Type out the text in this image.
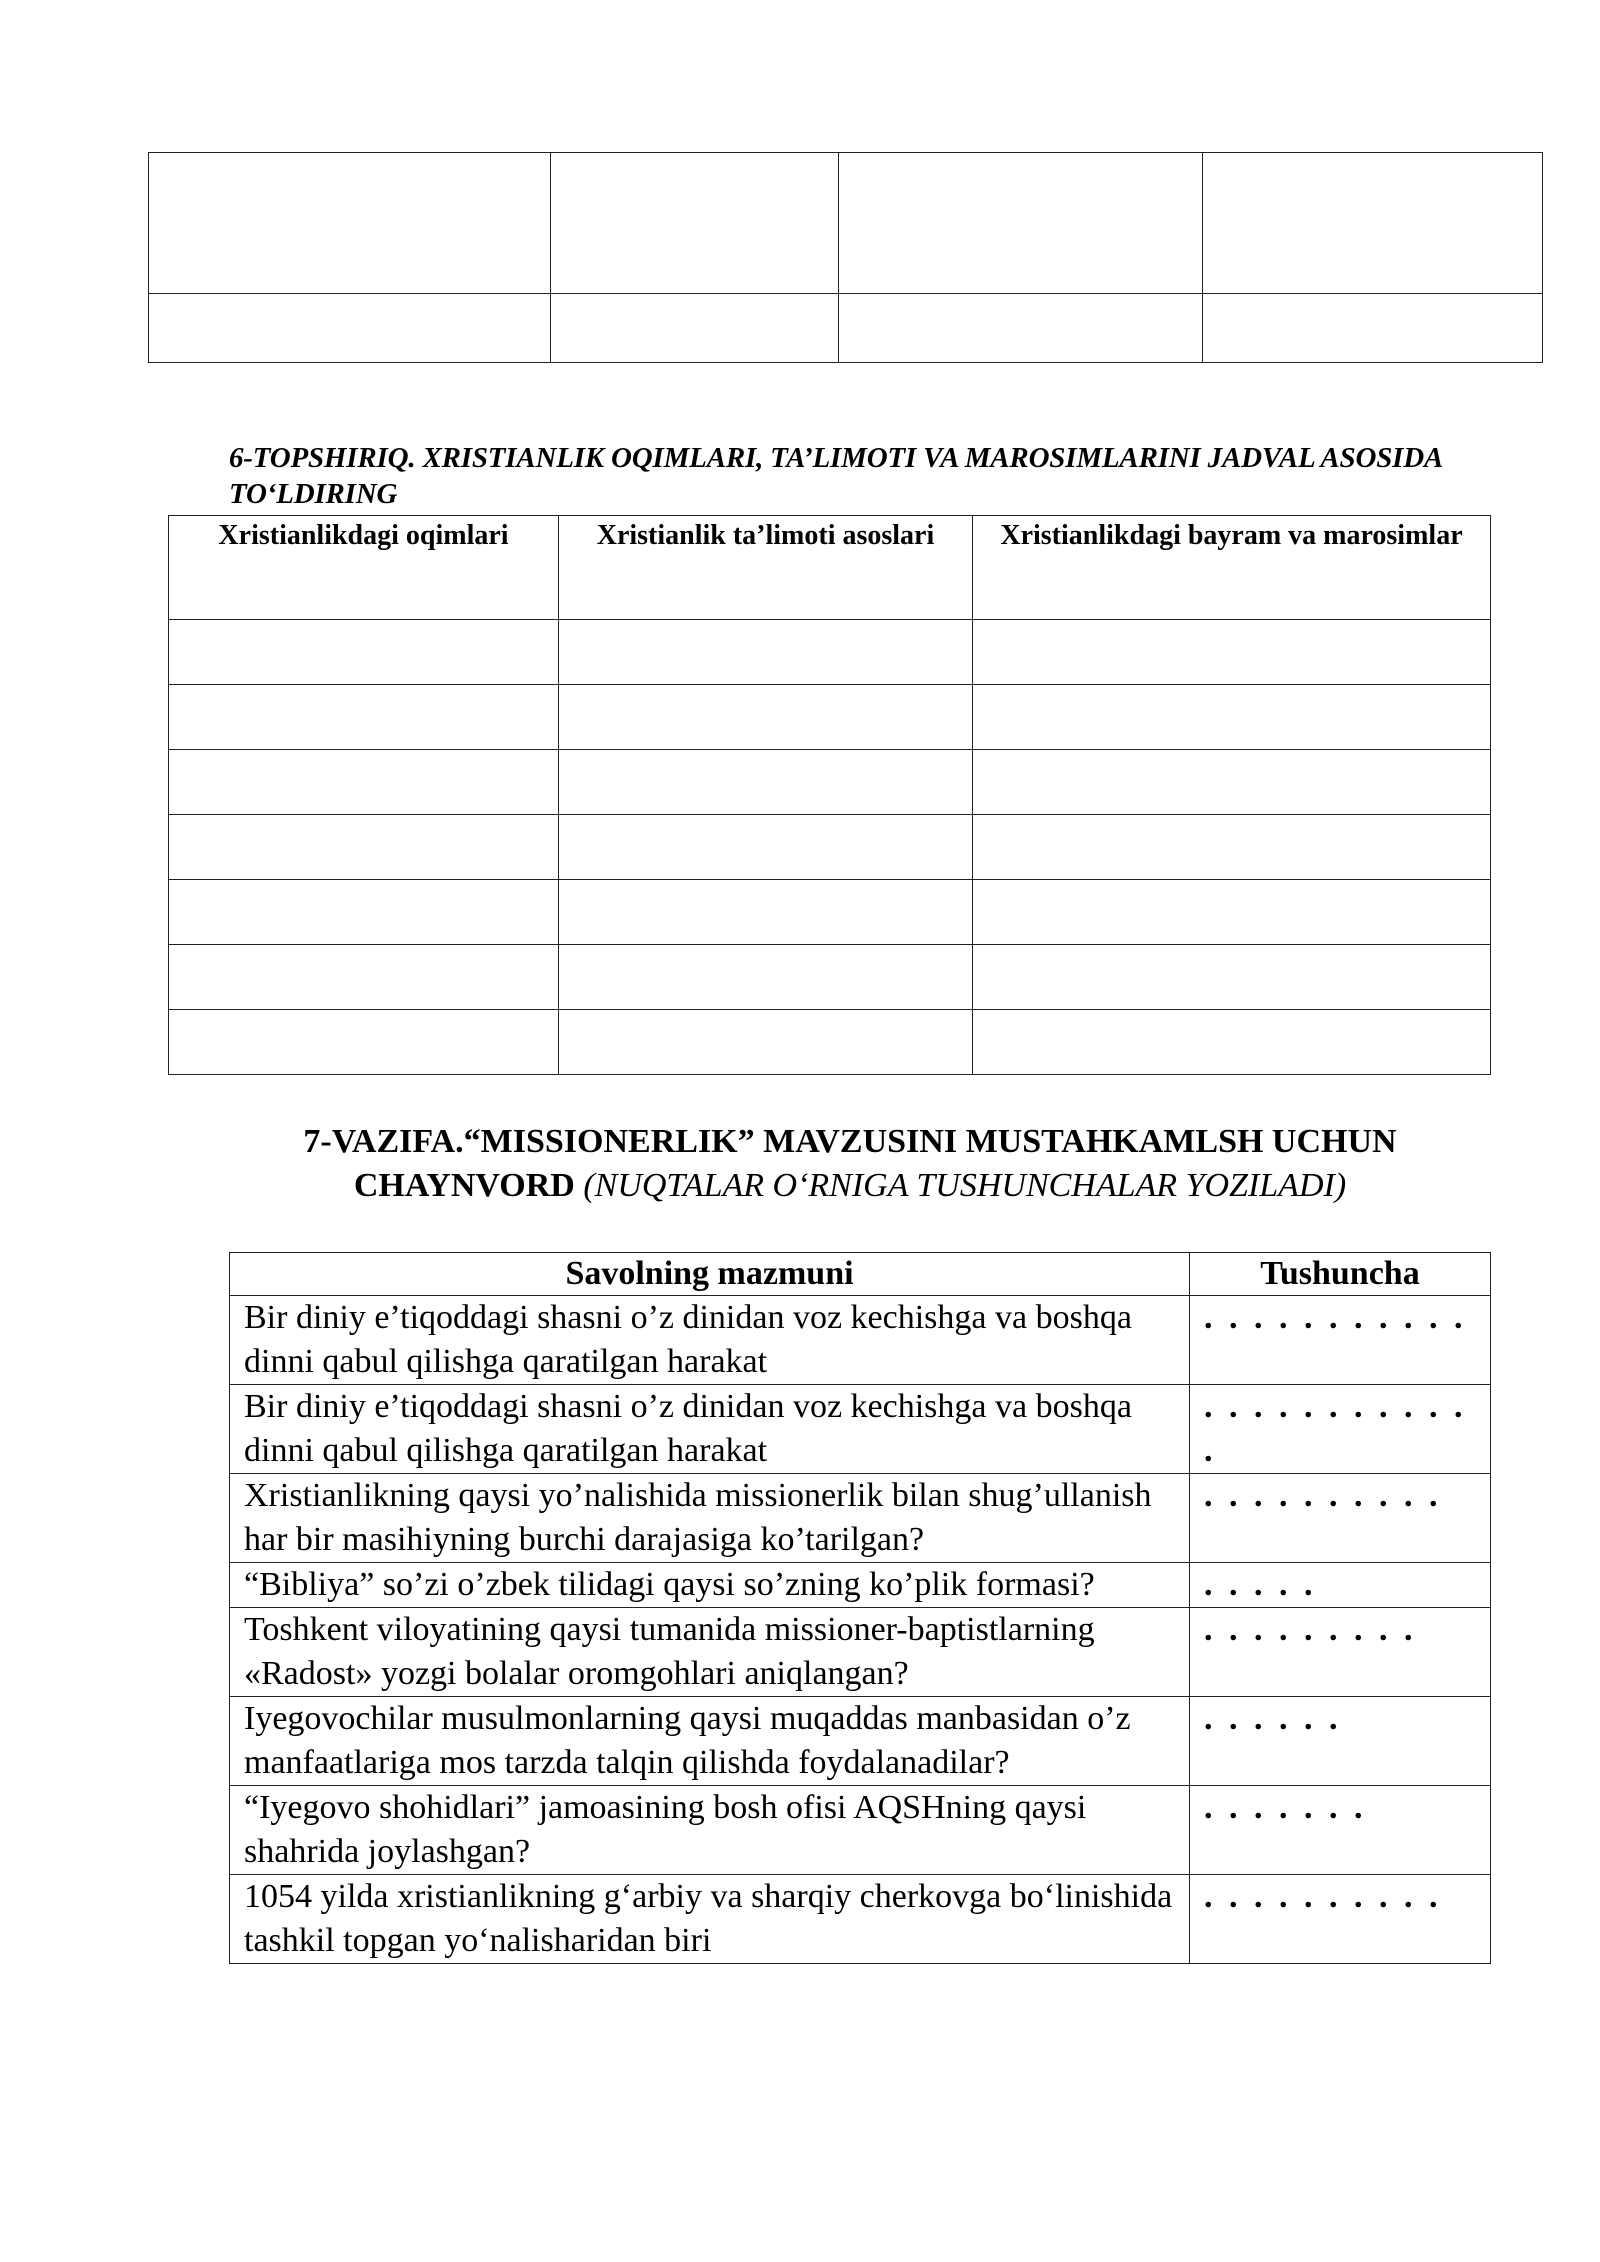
6-TOPSHIRIQ. XRISTIANLIK OQIMLARI, TA’LIMOTI VA MAROSIMLARINI JADVAL ASOSIDA TO‘LDIRING
Xristianlikdagi oqimlari	Xristianlik ta’limoti asoslari	Xristianlikdagi bayram va marosimlar

7-VAZIFA.“MISSIONERLIK” MAVZUSINI MUSTAHKAMLSH UCHUN CHAYNVORD (NUQTALAR O‘RNIGA TUSHUNCHALAR YOZILADI)
Savolning mazmuni	Tushuncha
Bir diniy e’tiqoddagi shasni o’z dinidan voz kechishga va boshqa dinni qabul qilishga qaratilgan harakat	. . . . . . . . . . .
Bir diniy e’tiqoddagi shasni o’z dinidan voz kechishga va boshqa dinni qabul qilishga qaratilgan harakat	. . . . . . . . . . . .
Xristianlikning qaysi yo’nalishida missionerlik bilan shug’ullanish har bir masihiyning burchi darajasiga ko’tarilgan?	. . . . . . . . . .
“Bibliya” so’zi o’zbek tilidagi qaysi so’zning ko’plik formasi?	. . . . .
Toshkent viloyatining qaysi tumanida missioner-baptistlarning «Radost» yozgi bolalar oromgohlari aniqlangan?	. . . . . . . . .
Iyegovochilar musulmonlarning qaysi muqaddas manbasidan o’z manfaatlariga mos tarzda talqin qilishda foydalanadilar?	. . . . . .
“Iyegovo shohidlari” jamoasining bosh ofisi AQSHning qaysi shahrida joylashgan?	. . . . . . .
1054 yilda xristianlikning g‘arbiy va sharqiy cherkovga bo‘linishida tashkil topgan yo‘nalisharidan biri	. . . . . . . . . .
